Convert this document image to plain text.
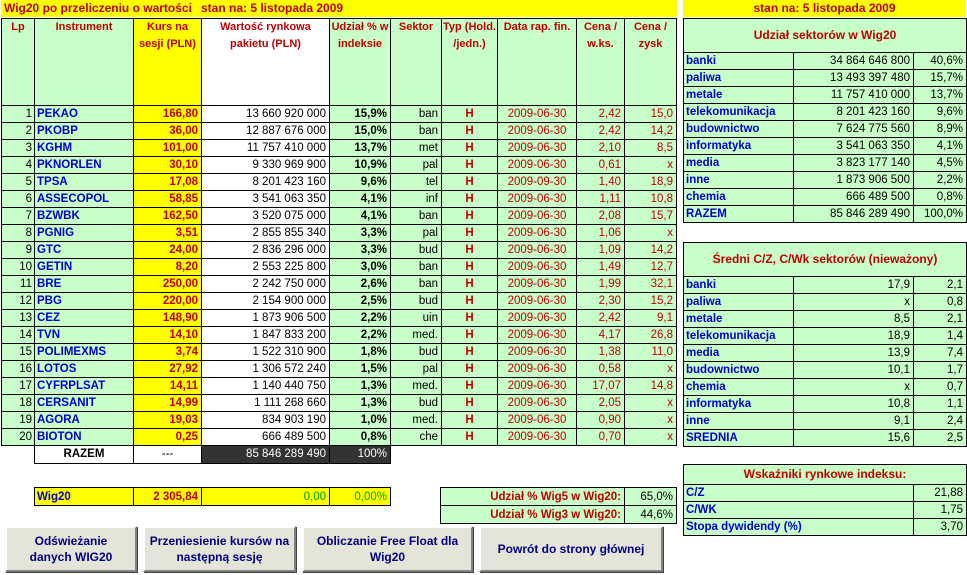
Wig20 po przeliczeniu o wartości stan na: 5 listopada 2009
Lp	Instrument	Kurs na sesji (PLN)	Wartość rynkowa pakietu (PLN)	Udział % w indeksie	Sektor	Typ (Hold. /jedn.)	Data rap. fin.	Cena / w.ks.	Cena / zysk
1	PEKAO	166,80	13 660 920 000	15,9%	ban	H	2009-06-30	2,42	15,0
2	PKOBP	36,00	12 887 676 000	15,0%	ban	H	2009-06-30	2,42	14,2
3	KGHM	101,00	11 757 410 000	13,7%	met	H	2009-06-30	2,10	8,5
4	PKNORLEN	30,10	9 330 969 900	10,9%	pal	H	2009-06-30	0,61	x
5	TPSA	17,08	8 201 423 160	9,6%	tel	H	2009-09-30	1,40	18,9
6	ASSECOPOL	58,85	3 541 063 350	4,1%	inf	H	2009-06-30	1,11	10,8
7	BZWBK	162,50	3 520 075 000	4,1%	ban	H	2009-06-30	2,08	15,7
8	PGNIG	3,51	2 855 855 340	3,3%	pal	H	2009-06-30	1,06	x
9	GTC	24,00	2 836 296 000	3,3%	bud	H	2009-06-30	1,09	14,2
10	GETIN	8,20	2 553 225 800	3,0%	ban	H	2009-06-30	1,49	12,7
11	BRE	250,00	2 242 750 000	2,6%	ban	H	2009-06-30	1,99	32,1
12	PBG	220,00	2 154 900 000	2,5%	bud	H	2009-06-30	2,30	15,2
13	CEZ	148,90	1 873 906 500	2,2%	uin	H	2009-06-30	2,42	9,1
14	TVN	14,10	1 847 833 200	2,2%	med.	H	2009-06-30	4,17	26,8
15	POLIMEXMS	3,74	1 522 310 900	1,8%	bud	H	2009-06-30	1,38	11,0
16	LOTOS	27,92	1 306 572 240	1,5%	pal	H	2009-06-30	0,58	x
17	CYFRPLSAT	14,11	1 140 440 750	1,3%	med.	H	2009-06-30	17,07	14,8
18	CERSANIT	14,99	1 111 268 660	1,3%	bud	H	2009-06-30	2,05	x
19	AGORA	19,03	834 903 190	1,0%	med.	H	2009-06-30	0,90	x
20	BIOTON	0,25	666 489 500	0,8%	che	H	2009-06-30	0,70	x
	RAZEM	---	85 846 289 490	100%					
Wig20	2 305,84	0,00	0,00%	Udział % Wig5 w Wig20:	65,0%
Udział % Wig3 w Wig20:	44,6%
Odświeżanie danych WIG20
Przeniesienie kursów na następną sesję
Obliczanie Free Float dla Wig20
Powrót do strony głównej
stan na: 5 listopada 2009
Udział sektorów w Wig20		
banki	34 864 646 800	40,6%
paliwa	13 493 397 480	15,7%
metale	11 757 410 000	13,7%
telekomunikacja	8 201 423 160	9,6%
budownictwo	7 624 775 560	8,9%
informatyka	3 541 063 350	4,1%
media	3 823 177 140	4,5%
inne	1 873 906 500	2,2%
chemia	666 489 500	0,8%
RAZEM	85 846 289 490	100,0%
Średni C/Z, C/Wk sektorów (nieważony)		
banki	17,9	2,1
paliwa	x	0,8
metale	8,5	2,1
telekomunikacja	18,9	1,4
media	13,9	7,4
budownictwo	10,1	1,7
chemia	x	0,7
informatyka	10,8	1,1
inne	9,1	2,4
SREDNIA	15,6	2,5
Wskaźniki rynkowe indeksu:	
C/Z	21,88
C/WK	1,75
Stopa dywidendy (%)	3,70
